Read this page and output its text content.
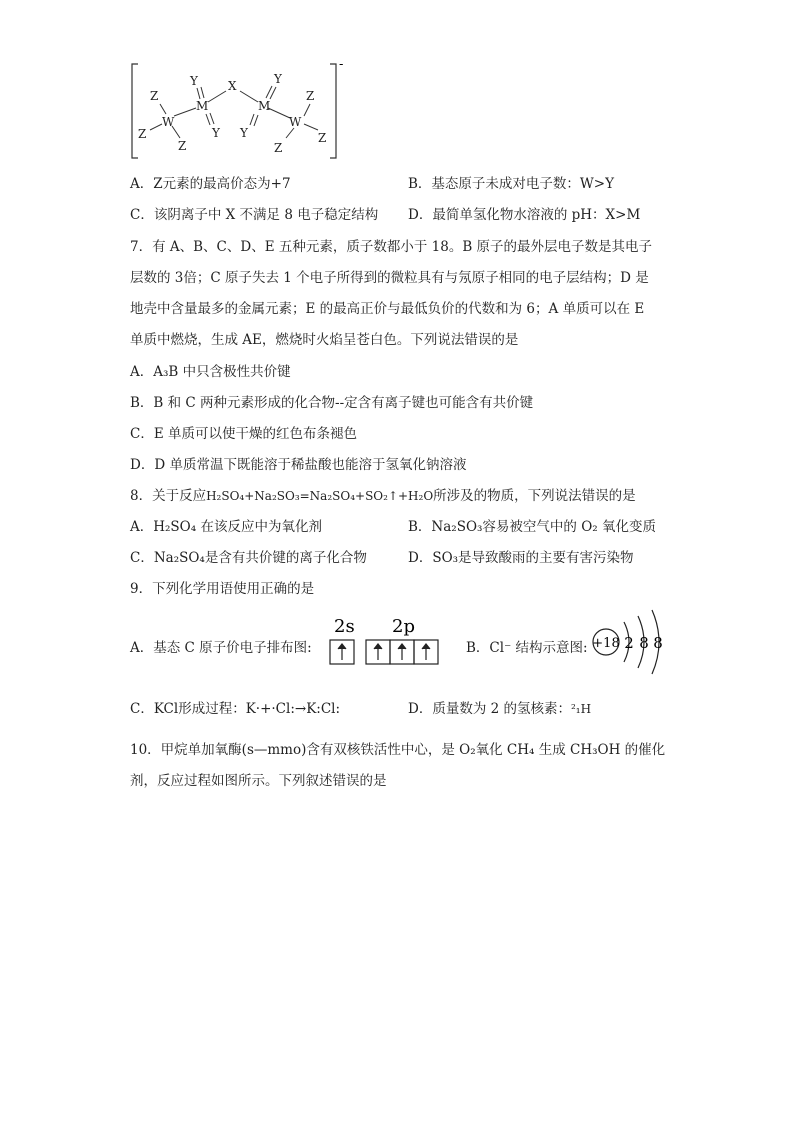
-
Z
Z
W
Z
Y
M
Y
X
M
Y
Y
W
Z
Z
Z
A．Z元素的最高价态为+7	B．基态原子未成对电子数：W>Y
C．该阴离子中 X 不满足 8 电子稳定结构 D．最简单氢化物水溶液的 pH：X>M
7．有 A、B、C、D、E 五种元素，质子数都小于 18。B 原子的最外层电子数是其电子
层数的 3倍；C 原子失去 1 个电子所得到的微粒具有与氖原子相同的电子层结构；D 是
地壳中含量最多的金属元素；E 的最高正价与最低负价的代数和为 6；A 单质可以在 E
单质中燃烧，生成 AE，燃烧时火焰呈苍白色。下列说法错误的是
A．A₃B 中只含极性共价键
B．B 和 C 两种元素形成的化合物--定含有离子键也可能含有共价键
C．E 单质可以使干燥的红色布条褪色
D．D 单质常温下既能溶于稀盐酸也能溶于氢氧化钠溶液
8．关于反应H₂SO₄+Na₂SO₃=Na₂SO₄+SO₂↑+H₂O所涉及的物质，下列说法错误的是
A．H₂SO₄ 在该反应中为氧化剂	B．Na₂SO₃容易被空气中的 O₂ 氧化变质
C．Na₂SO₄是含有共价键的离子化合物	D．SO₃是导致酸雨的主要有害污染物
9．下列化学用语使用正确的是
A．基态 C 原子价电子排布图:
2s 2p
B．Cl⁻ 结构示意图: +18 2 8 8
C．KCl形成过程：K·+·Cl:→K:Cl:	D．质量数为 2 的氢核素：²₁H
10．甲烷单加氧酶(s—mmo)含有双核铁活性中心，是 O₂氧化 CH₄ 生成 CH₃OH 的催化
剂，反应过程如图所示。下列叙述错误的是
